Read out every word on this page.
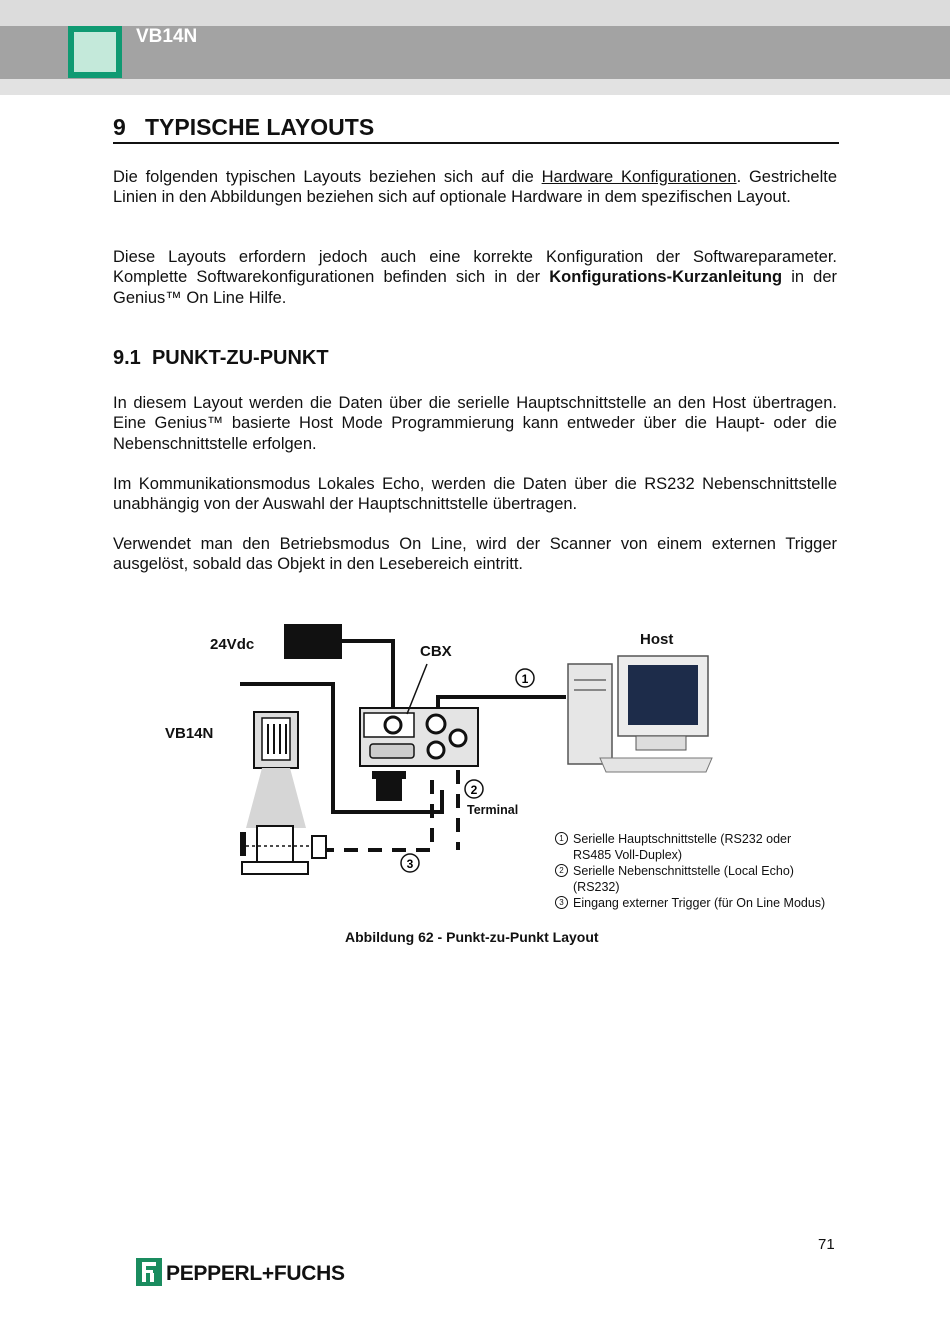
VB14N
9 TYPISCHE LAYOUTS
Die folgenden typischen Layouts beziehen sich auf die Hardware Konfigurationen. Gestrichelte Linien in den Abbildungen beziehen sich auf optionale Hardware in dem spezifischen Layout.
Diese Layouts erfordern jedoch auch eine korrekte Konfiguration der Softwareparameter. Komplette Softwarekonfigurationen befinden sich in der Konfigurations-Kurzanleitung in der Genius™ On Line Hilfe.
9.1 PUNKT-ZU-PUNKT
In diesem Layout werden die Daten über die serielle Hauptschnittstelle an den Host übertragen. Eine Genius™ basierte Host Mode Programmierung kann entweder über die Haupt- oder die Nebenschnittstelle erfolgen.
Im Kommunikationsmodus Lokales Echo, werden die Daten über die RS232 Nebenschnittstelle unabhängig von der Auswahl der Hauptschnittstelle übertragen.
Verwendet man den Betriebsmodus On Line, wird der Scanner von einem externen Trigger ausgelöst, sobald das Objekt in den Lesebereich eintritt.
1
2
3
24Vdc	CBX
Host
VB14N
Terminal
1 Serielle Hauptschnittstelle (RS232 oder
RS485 Voll-Duplex)
2 Serielle Nebenschnittstelle (Local Echo)
(RS232)
3 Eingang externer Trigger (für On Line Modus)
Abbildung 62 - Punkt-zu-Punkt Layout
71
PEPPERL+FUCHS
